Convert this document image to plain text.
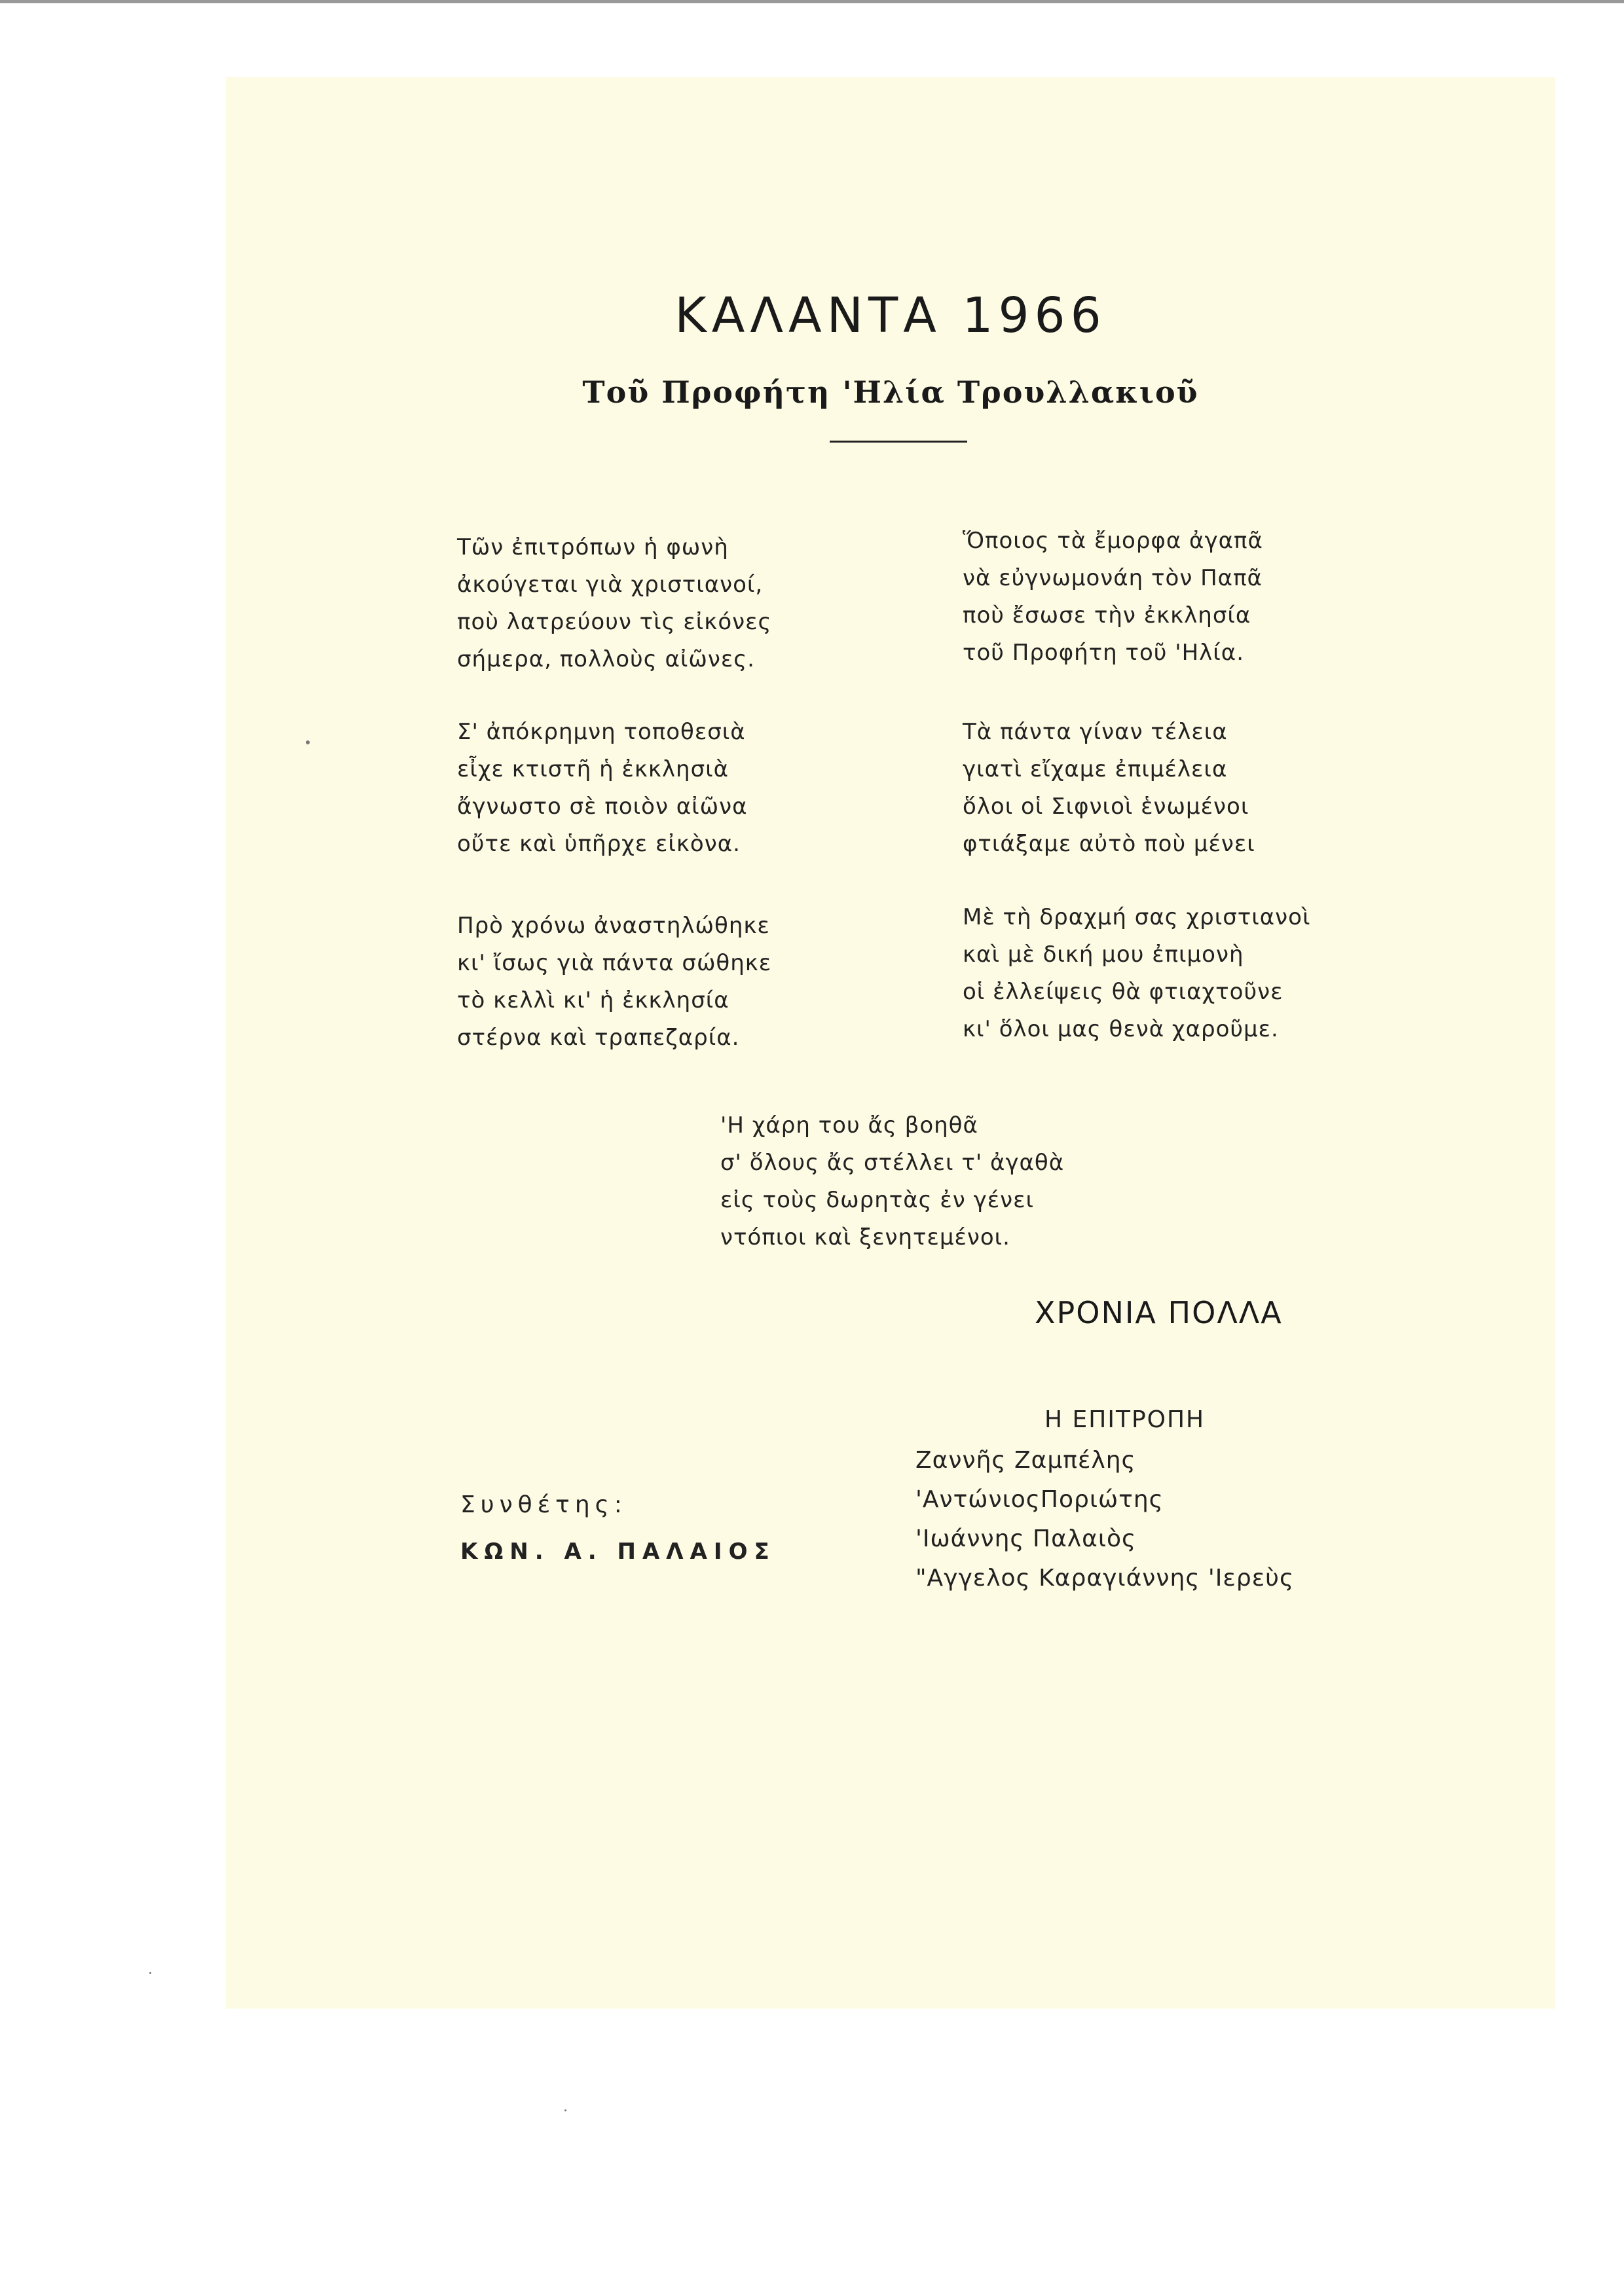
ΚΑΛΑΝΤΑ 1966
Τοῦ Προφήτη 'Ηλία Τρουλλακιοῦ
Τῶν ἐπιτρόπων ἡ φωνὴ
ἀκούγεται γιὰ χριστιανοί,
ποὺ λατρεύουν τὶς εἰκόνες
σήμερα, πολλοὺς αἰῶνες.
Σ' ἀπόκρημνη τοποθεσιὰ
εἶχε κτιστῆ ἡ ἐκκλησιὰ
ἄγνωστο σὲ ποιὸν αἰῶνα
οὔτε καὶ ὑπῆρχε εἰκὸνα.
Πρὸ χρόνω ἀναστηλώθηκε
κι' ἴσως γιὰ πάντα σώθηκε
τὸ κελλὶ κι' ἡ ἐκκλησία
στέρνα καὶ τραπεζαρία.
Ὅποιος τὰ ἔμορφα ἀγαπᾶ
νὰ εὐγνωμονάη τὸν Παπᾶ
ποὺ ἔσωσε τὴν ἐκκλησία
τοῦ Προφήτη τοῦ 'Ηλία.
Τὰ πάντα γίναν τέλεια
γιατὶ εἴχαμε ἐπιμέλεια
ὅλοι οἱ Σιφνιοὶ ἑνωμένοι
φτιάξαμε αὐτὸ ποὺ μένει
Μὲ τὴ δραχμή σας χριστιανοὶ
καὶ μὲ δική μου ἐπιμονὴ
οἱ ἐλλείψεις θὰ φτιαχτοῦνε
κι' ὅλοι μας θενὰ χαροῦμε.
'Η χάρη του ἄς βοηθᾶ
σ' ὅλους ἄς στέλλει τ' ἀγαθὰ
εἰς τοὺς δωρητὰς ἐν γένει
ντόπιοι καὶ ξενητεμένοι.
ΧΡΟΝΙΑ ΠΟΛΛΑ
Η ΕΠΙΤΡΟΠΗ
Ζαννῆς Ζαμπέλης
'ΑντώνιοςΠοριώτης
'Ιωάννης Παλαιὸς
"Αγγελος Καραγιάννης 'Ιερεὺς
Συνθέτης:
ΚΩΝ. Α. ΠΑΛΑΙΟΣ
